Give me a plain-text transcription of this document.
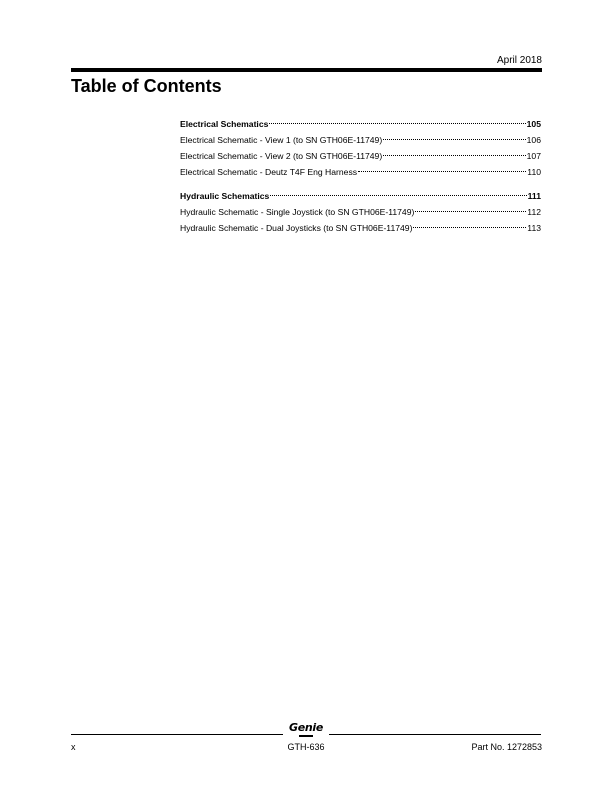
April 2018
Table of Contents
Electrical Schematics	105
Electrical Schematic - View 1 (to SN GTH06E-11749)	106
Electrical Schematic - View 2 (to SN GTH06E-11749)	107
Electrical Schematic - Deutz T4F Eng Harness	110
Hydraulic Schematics	111
Hydraulic Schematic - Single Joystick (to SN GTH06E-11749)	112
Hydraulic Schematic - Dual Joysticks (to SN GTH06E-11749)	113
Genie
x	GTH-636	Part No. 1272853
